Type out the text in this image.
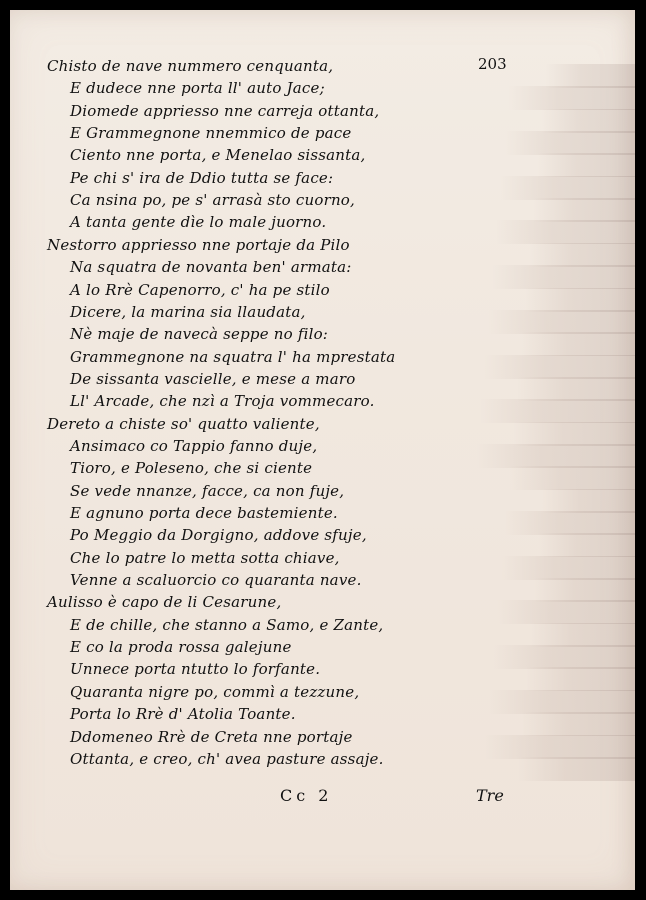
203
Chisto de nave nummero cenquanta,
E dudece nne porta ll' auto Jace;
Diomede appriesso nne carreja ottanta,
E Grammegnone nnemmico de pace
Ciento nne porta, e Menelao sissanta,
Pe chi s' ira de Ddio tutta se face:
Ca nsina po, pe s' arrasà sto cuorno,
A tanta gente dìe lo male juorno.
Nestorro appriesso nne portaje da Pilo
Na squatra de novanta ben' armata:
A lo Rrè Capenorro, c' ha pe stilo
Dicere, la marina sia llaudata,
Nè maje de navecà seppe no filo:
Grammegnone na squatra l' ha mprestata
De sissanta vascielle, e mese a maro
Ll' Arcade, che nzì a Troja vommecaro.
Dereto a chiste so' quatto valiente,
Ansimaco co Tappio fanno duje,
Tioro, e Poleseno, che si ciente
Se vede nnanze, facce, ca non fuje,
E agnuno porta dece bastemiente.
Po Meggio da Dorgigno, addove sfuje,
Che lo patre lo metta sotta chiave,
Venne a scaluorcio co quaranta nave.
Aulisso è capo de li Cesarune,
E de chille, che stanno a Samo, e Zante,
E co la proda rossa galejune
Unnece porta ntutto lo forfante.
Quaranta nigre po, commì a tezzune,
Porta lo Rrè d' Atolia Toante.
Ddomeneo Rrè de Creta nne portaje
Ottanta, e creo, ch' avea pasture assaje.
Cc 2	Tre
